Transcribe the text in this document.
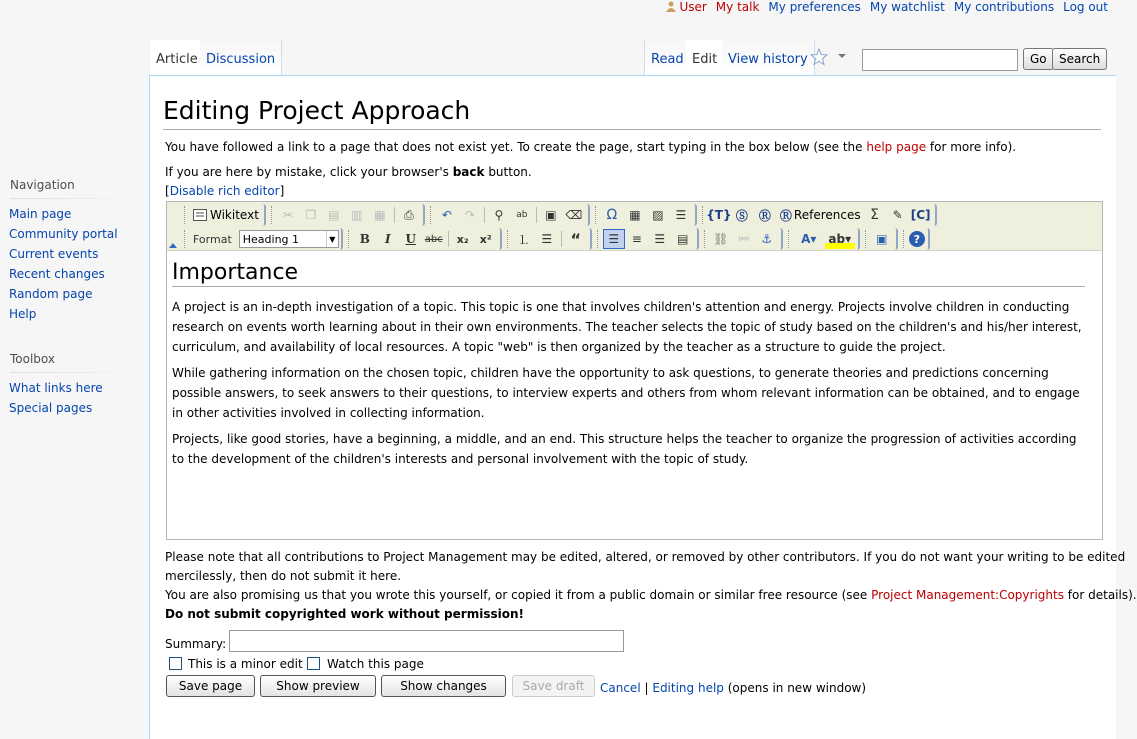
User My talk My preferences My watchlist My contributions Log out
Navigation
Main page
Community portal
Current events
Recent changes
Random page
Help
Toolbox
What links here
Special pages
Article Discussion	Read Edit View history	Go	Search
Editing Project Approach
You have followed a link to a page that does not exist yet. To create the page, start typing in the box below (see the help page for more info).
If you are here by mistake, click your browser's back button.
[Disable rich editor]
Wikitext	✂	❐ ▤ ▥ ▦	⎙	↶	↷	⚲	ab	▣ ⌫	Ω ▦ ▨ ☰	{T} Ⓢ Ⓡ Ⓡ References Σ	✎ [C]
Format Heading 1	▼	B	I	U abc	x₂	x²	⒈ ☰	“	☰	≡	☰ ▤	⛓ ⚯	⚓	A▾ ab▾	▣	?
Importance

A project is an in-depth investigation of a topic. This topic is one that involves children's attention and energy. Projects involve children in conducting research on events worth learning about in their own environments. The teacher selects the topic of study based on the children's and his/her interest, curriculum, and availability of local resources. A topic "web" is then organized by the teacher as a structure to guide the project.

While gathering information on the chosen topic, children have the opportunity to ask questions, to generate theories and predictions concerning possible answers, to seek answers to their questions, to interview experts and others from whom relevant information can be obtained, and to engage in other activities involved in collecting information.

Projects, like good stories, have a beginning, a middle, and an end. This structure helps the teacher to organize the progression of activities according to the development of the children's interests and personal involvement with the topic of study.

Please note that all contributions to Project Management may be edited, altered, or removed by other contributors. If you do not want your writing to be edited
mercilessly, then do not submit it here.
You are also promising us that you wrote this yourself, or copied it from a public domain or similar free resource (see Project Management:Copyrights for details).
Do not submit copyrighted work without permission!
Summary:
This is a minor edit Watch this page
Save page	Show preview	Show changes	Save draft	Cancel | Editing help (opens in new window)
